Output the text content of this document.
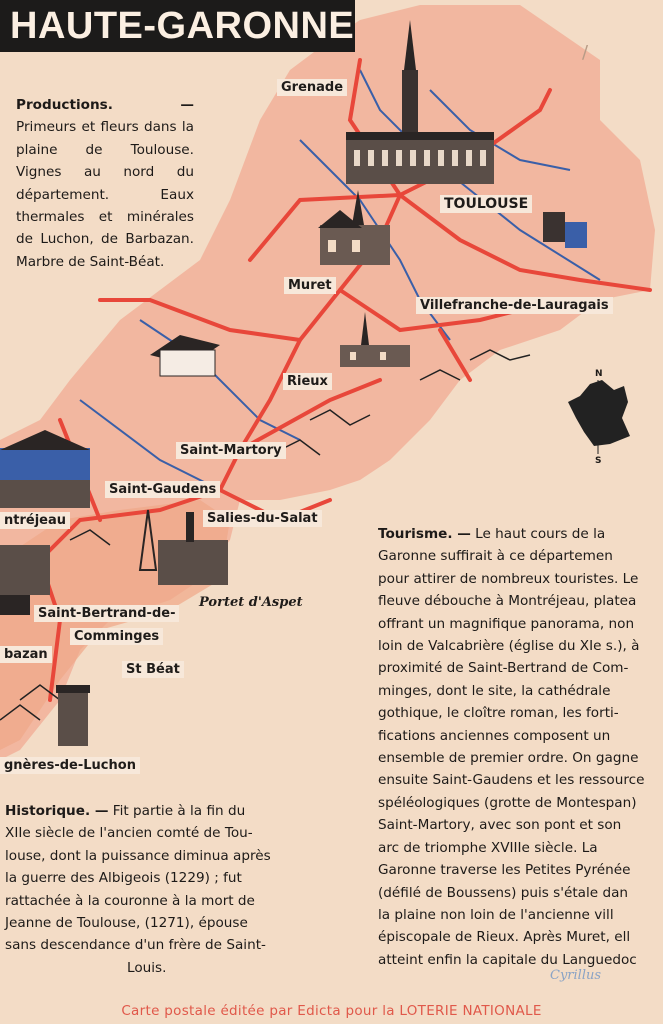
HAUTE-GARONNE
/
Productions. — Primeurs et fleurs dans la plaine de Toulouse. Vignes au nord du département. Eaux thermales et minérales de Luchon, de Barbazan. Marbre de Saint-Béat.
Grenade
TOULOUSE
Muret
Villefranche-de-Lauragais
Rieux
Saint-Martory
Saint-Gaudens
ntréjeau	Salies-du-Salat
Portet d'Aspet
Saint-Bertrand-de-
Comminges
bazan
St Béat
gnères-de-Luchon
N
S
Tourisme. — Le haut cours de la
Garonne suffirait à ce départemen
pour attirer de nombreux touristes. Le
fleuve débouche à Montréjeau, platea
offrant un magnifique panorama, non
loin de Valcabrière (église du XIe s.), à
proximité de Saint-Bertrand de Com-
minges, dont le site, la cathédrale
gothique, le cloître roman, les forti-
fications anciennes composent un
ensemble de premier ordre. On gagne
ensuite Saint-Gaudens et les ressource
spéléologiques (grotte de Montespan)
Saint-Martory, avec son pont et son
arc de triomphe XVIIIe siècle. La
Garonne traverse les Petites Pyrénée
(défilé de Boussens) puis s'étale dan
la plaine non loin de l'ancienne vill
épiscopale de Rieux. Après Muret, ell
atteint enfin la capitale du Languedoc
Historique. — Fit partie à la fin du
XIIe siècle de l'ancien comté de Tou-
louse, dont la puissance diminua après
la guerre des Albigeois (1229) ; fut
rattachée à la couronne à la mort de
Jeanne de Toulouse, (1271), épouse
sans descendance d'un frère de Saint-
Louis.	Cyrillus
Carte postale éditée par Edicta pour la LOTERIE NATIONALE
